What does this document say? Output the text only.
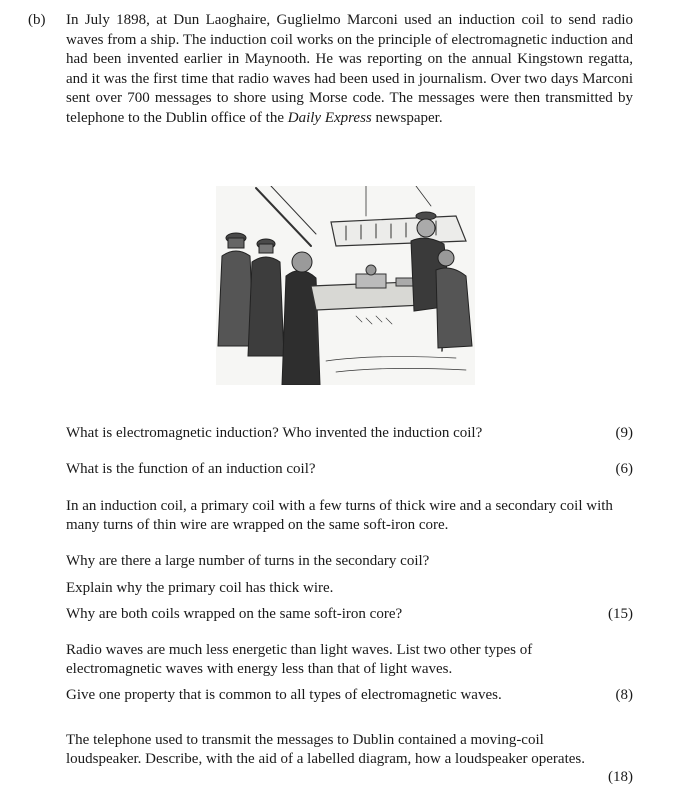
(b) In July 1898, at Dun Laoghaire, Guglielmo Marconi used an induction coil to send radio waves from a ship. The induction coil works on the principle of electromagnetic induction and had been invented earlier in Maynooth. He was reporting on the annual Kingstown regatta, and it was the first time that radio waves had been used in journalism. Over two days Marconi sent over 700 messages to shore using Morse code. The messages were then transmitted by telephone to the Dublin office of the Daily Express newspaper.

What is electromagnetic induction? Who invented the induction coil?	(9)

What is the function of an induction coil?	(6)

In an induction coil, a primary coil with a few turns of thick wire and a secondary coil with many turns of thin wire are wrapped on the same soft-iron core.

Why are there a large number of turns in the secondary coil?

Explain why the primary coil has thick wire.

Why are both coils wrapped on the same soft-iron core?	(15)

Radio waves are much less energetic than light waves. List two other types of electromagnetic waves with energy less than that of light waves.

Give one property that is common to all types of electromagnetic waves.	(8)

The telephone used to transmit the messages to Dublin contained a moving-coil loudspeaker. Describe, with the aid of a labelled diagram, how a loudspeaker operates.

(18)
